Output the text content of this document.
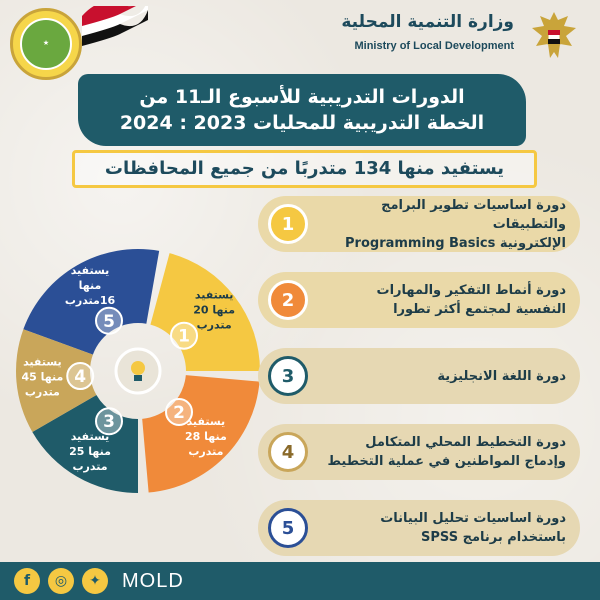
★
وزارة التنمية المحلية
Ministry of Local Development
الدورات التدريبية للأسبوع الـ11 من
الخطة التدريبية للمحليات 2023 : 2024
يستفيد منها 134 متدربًا من جميع المحافظات
5
يستفيد
منها
16متدرب
1
يستفيد
منها 20
متدرب
2 يستفيد
منها 28
متدرب
3
يستفيد
منها 25
متدرب
4
يستفيد
منها 45
متدرب
1
دورة اساسيات تطوير البرامج والتطبيقات
الإلكترونية Programming Basics
2	دورة أنماط التفكير والمهارات
النفسية لمجتمع أكثر تطورا
3	دورة اللغة الانجليزية
4	دورة التخطيط المحلي المتكامل
وإدماج المواطنين في عملية التخطيط
5	دورة اساسيات تحليل البيانات
باستخدام برنامج SPSS
f	◎	✦	MOLD
